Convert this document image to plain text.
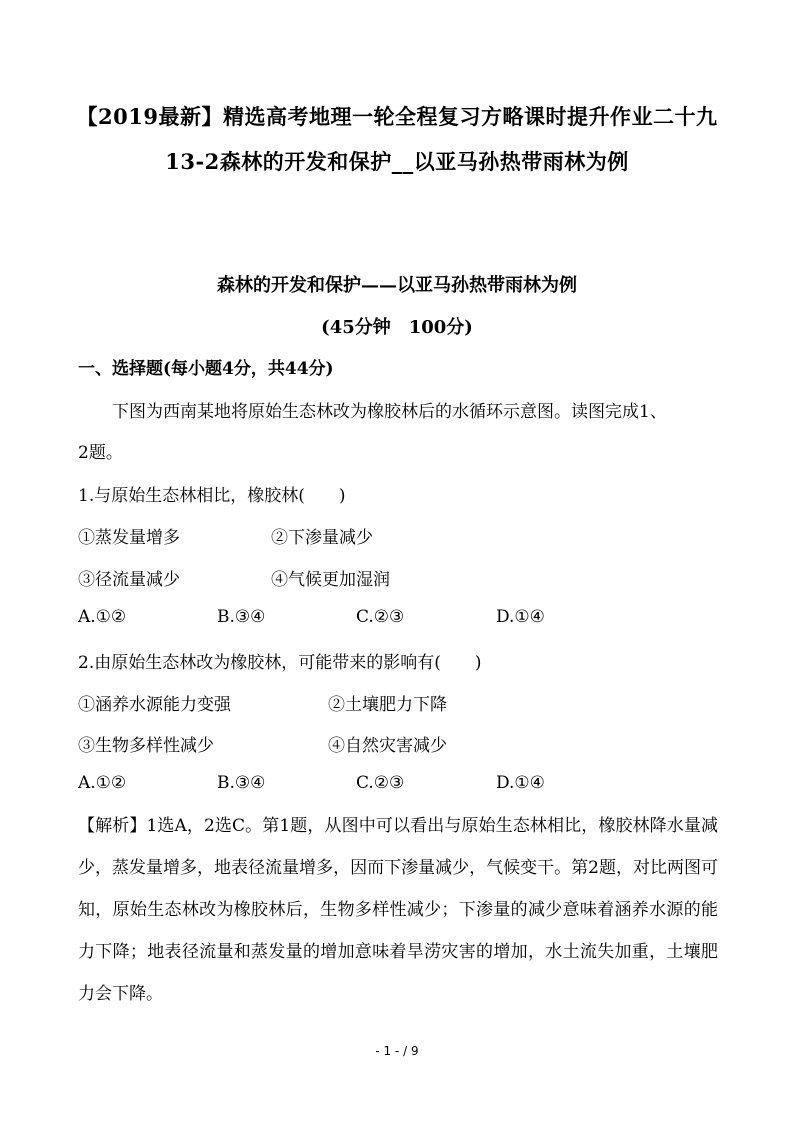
【2019最新】精选高考地理一轮全程复习方略课时提升作业二十九
13-2森林的开发和保护__以亚马孙热带雨林为例
森林的开发和保护——以亚马孙热带雨林为例
(45分钟　100分)
一、选择题(每小题4分，共44分)
　　下图为西南某地将原始生态林改为橡胶林后的水循环示意图。读图完成1、
2题。
1.与原始生态林相比，橡胶林(　　)
①蒸发量增多	②下渗量减少
③径流量减少	④气候更加湿润
A.①②	B.③④	C.②③	D.①④
2.由原始生态林改为橡胶林，可能带来的影响有(　　)
①涵养水源能力变强	②土壤肥力下降
③生物多样性减少	④自然灾害减少
A.①②	B.③④	C.②③	D.①④
【解析】1选A，2选C。第1题，从图中可以看出与原始生态林相比，橡胶林降水量减少，蒸发量增多，地表径流量增多，因而下渗量减少，气候变干。第2题，对比两图可知，原始生态林改为橡胶林后，生物多样性减少；下渗量的减少意味着涵养水源的能力下降；地表径流量和蒸发量的增加意味着旱涝灾害的增加，水土流失加重，土壤肥力会下降。
- 1 - / 9
